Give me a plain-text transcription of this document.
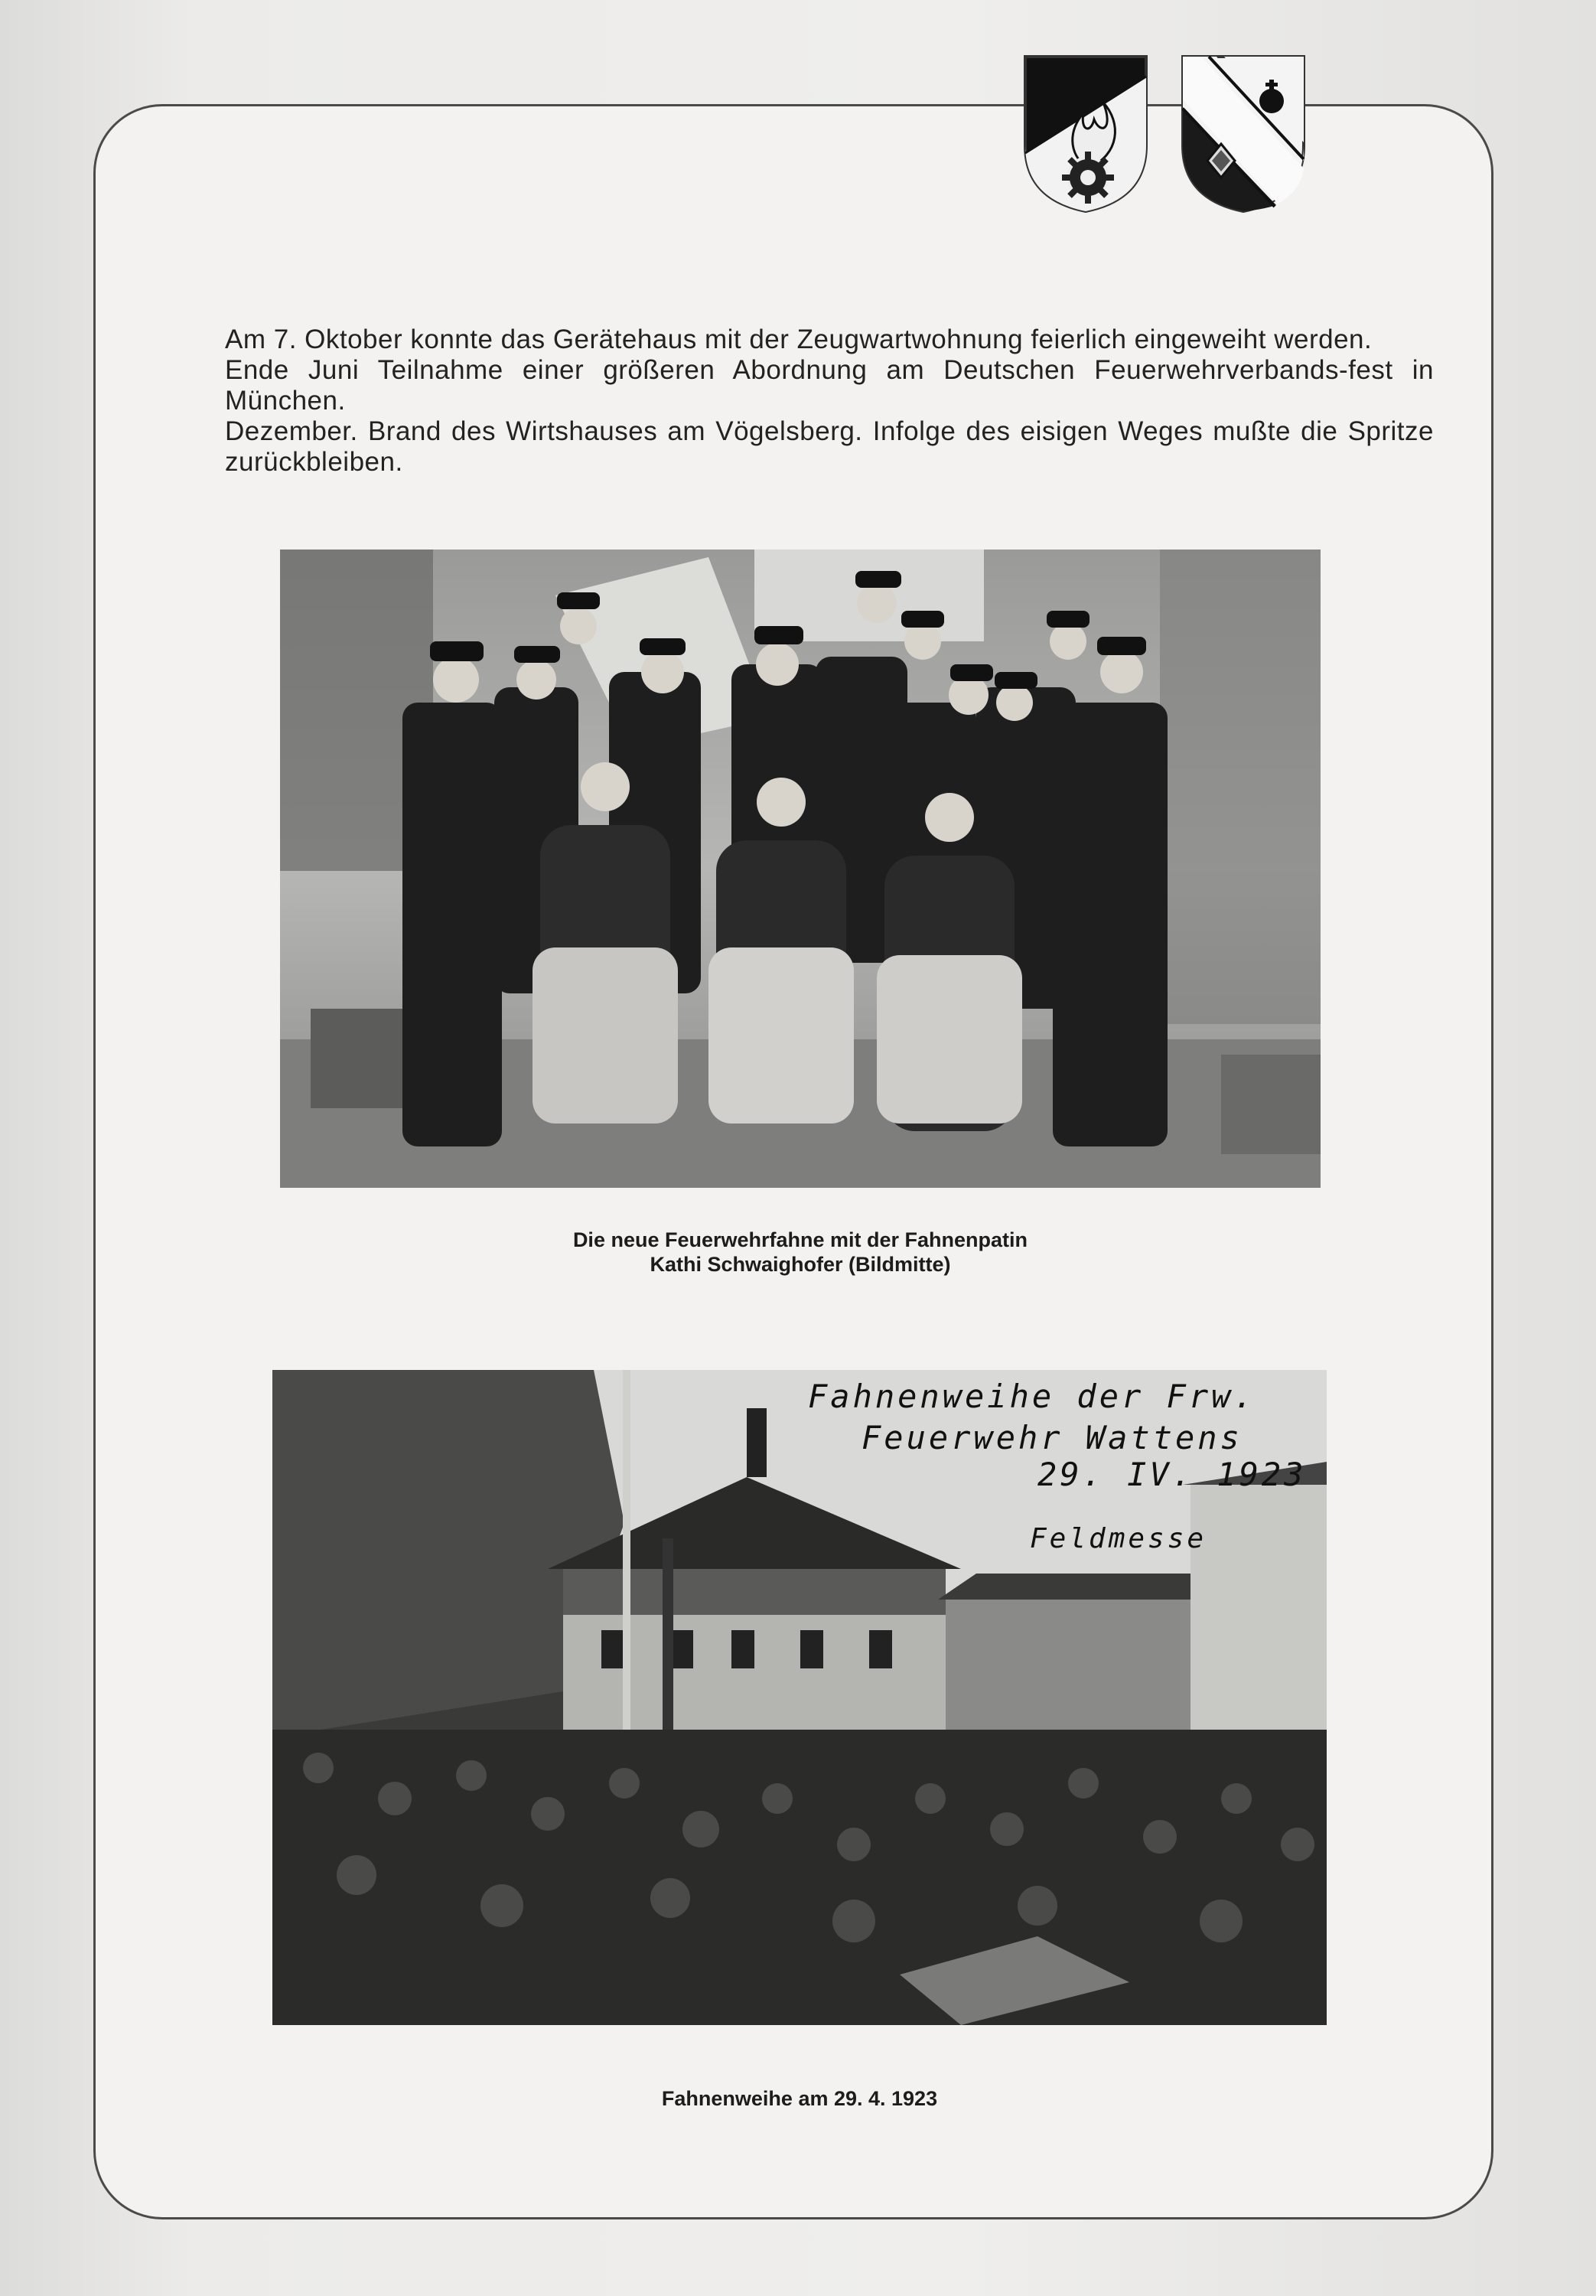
Am 7. Oktober konnte das Gerätehaus mit der Zeugwartwohnung feierlich eingeweiht werden.

Ende Juni Teilnahme einer größeren Abordnung am Deutschen Feuerwehrverbands-fest in München.

Dezember. Brand des Wirtshauses am Vögelsberg. Infolge des eisigen Weges mußte die Spritze zurückbleiben.

Die neue Feuerwehrfahne mit der Fahnenpatin
Kathi Schwaighofer (Bildmitte)
Fahnenweihe der Frw.
Feuerwehr Wattens
29. IV. 1923
Feldmesse
Fahnenweihe am 29. 4. 1923
